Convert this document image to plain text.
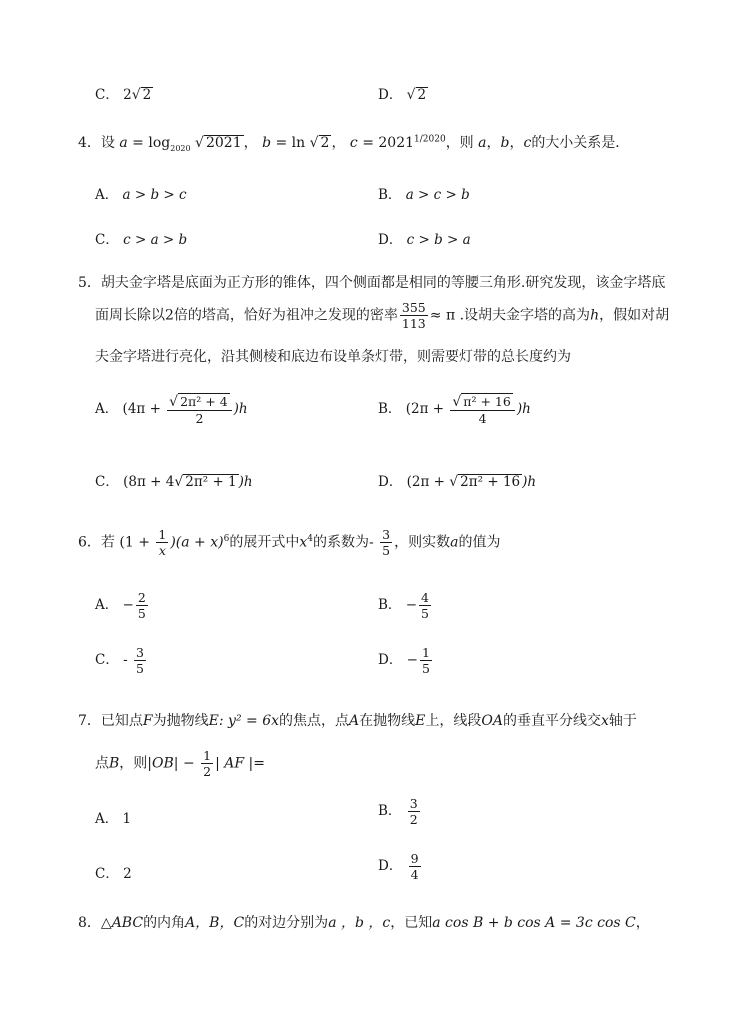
C． 2√ 2	D． √ 2
4．设 $a = \log_{2020}$ √ 2021 ， b = ln √ 2 ， $c = 2021^{1/2020}$，则 a，b，c的大小关系是．
A． a > b > c	B． a > c > b
C． c > a > b	D． c > b > a
5．胡夫金字塔是底面为正方形的锥体，四个侧面都是相同的等腰三角形.研究发现，该金字塔底
面周长除以2倍的塔高，恰好为祖冲之发现的密率 $\frac{355}{113} \approx \pi$ .设胡夫金字塔的高为h，假如对胡
夫金字塔进行亮化，沿其侧棱和底边布设单条灯带，则需要灯带的总长度约为
A． $(4\pi + \frac{\text{√ 2π² + 4}}{2} )h$	B． $(2\pi + \frac{\text{√ π² + 16}}{4} )h$
C． (8π + 4√ 2π² + 1 )h	D． (2π + √ 2π² + 16 )h
6．若 $(1 + \frac{1}{x} )(a + x)^6$的展开式中$x^4$的系数为- $\frac{3}{5}$ ，则实数a的值为
A． − $\frac{2}{5}$	B． − $\frac{4}{5}$
C． - $\frac{3}{5}$	D． − $\frac{1}{5}$
7．已知点F为抛物线E: y² = 6x的焦点，点A在抛物线E上，线段OA的垂直平分线交x轴于
点B，则$|OB| - \frac{1}{2}$ | AF |=
A． 1	B． $\frac{3}{2}$
C． 2	D． $\frac{9}{4}$
8．△ABC的内角A，B，C的对边分别为a ，b ，c，已知a cos B + b cos A = 3c cos C，
